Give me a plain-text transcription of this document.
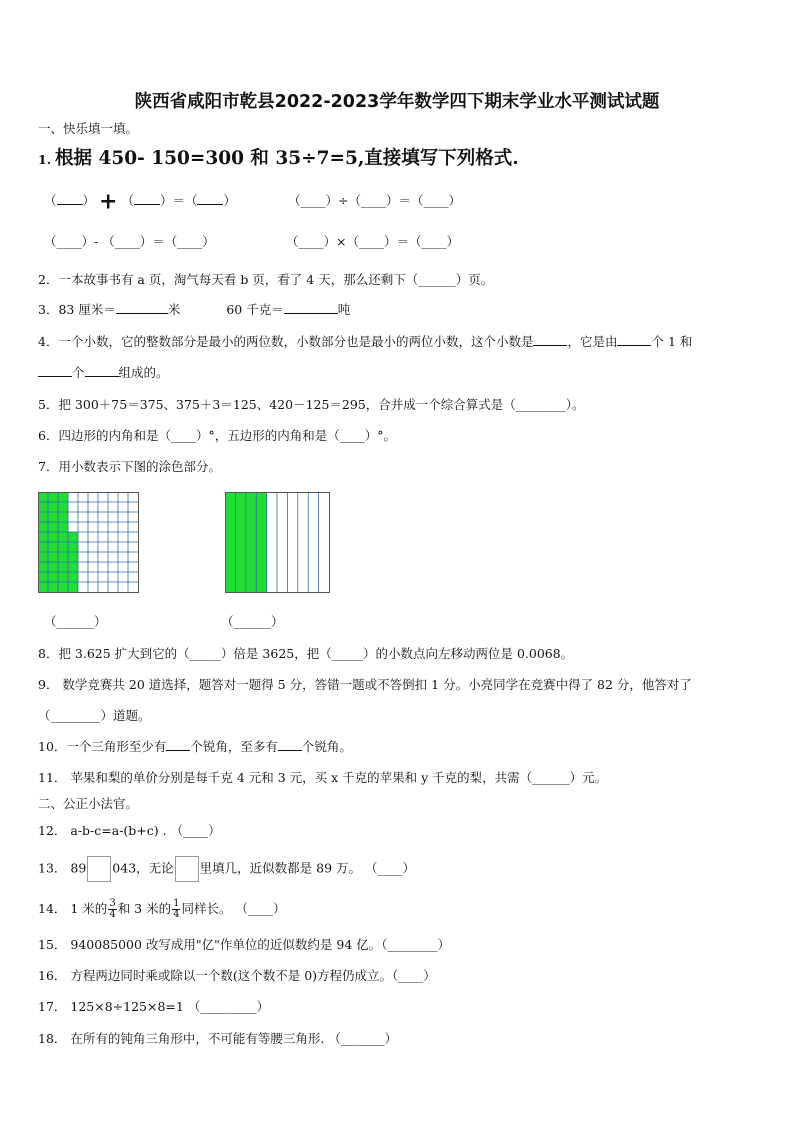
陕西省咸阳市乾县2022-2023学年数学四下期末学业水平测试试题
一、快乐填一填。
1. 根据 450- 150=300 和 35÷7=5,直接填写下列格式.
（ ） + （ ）＝（ ）	（____）÷（____）＝（____）
（____）- （____）＝（____）	（____）×（____）＝（____）
2．一本故事书有 a 页，淘气每天看 b 页，看了 4 天，那么还剩下（______）页。
3．83 厘米＝	米	60 千克＝	吨
4．一个小数，它的整数部分是最小的两位数，小数部分也是最小的两位小数，这个小数是	，它是由	个 1 和
个	组成的。
5．把 300＋75＝375、375＋3＝125、420－125＝295，合并成一个综合算式是（________）。
6．四边形的内角和是（____）°，五边形的内角和是（____）°。
7．用小数表示下图的涂色部分。
（______）	（______）
8．把 3.625 扩大到它的（_____）倍是 3625，把（_____）的小数点向左移动两位是 0.0068。
9． 数学竞赛共 20 道选择，题答对一题得 5 分，答错一题或不答倒扣 1 分。小亮同学在竞赛中得了 82 分，他答对了
（________）道题。
10．一个三角形至少有 个锐角，至多有 个锐角。
11． 苹果和梨的单价分别是每千克 4 元和 3 元，买 x 千克的苹果和 y 千克的梨，共需（______）元。
二、公正小法官。
12． a-b-c=a-(b+c) . （____）
13． 89 043，无论 里填几，近似数都是 89 万。 （____）
14． 1 米的 $\frac{3}{4}$ 和 3 米的 $\frac{1}{4}$ 同样长。 （____）
15． 940085000 改写成用"亿"作单位的近似数约是 94 亿。（________）
16． 方程两边同时乘或除以一个数(这个数不是 0)方程仍成立。（____）
17． 125×8÷125×8=1 （_________）
18． 在所有的钝角三角形中，不可能有等腰三角形. （_______）
